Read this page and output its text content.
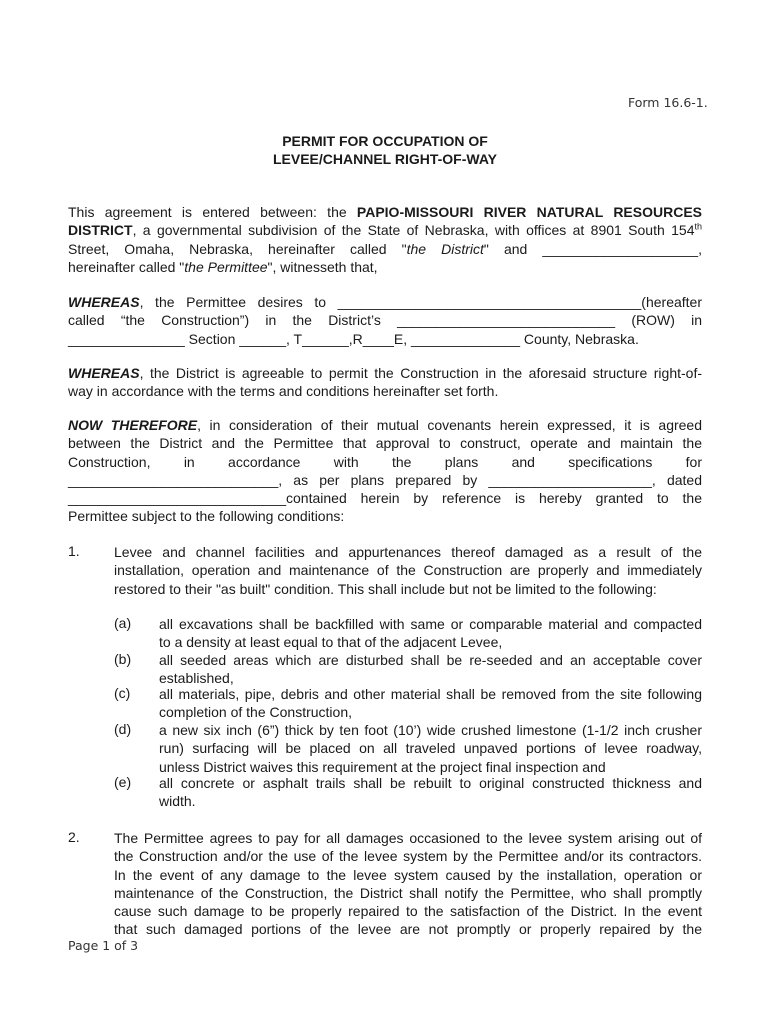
Form 16.6-1.
PERMIT FOR OCCUPATION OF
LEVEE/CHANNEL RIGHT-OF-WAY
This agreement is entered between: the PAPIO-MISSOURI RIVER NATURAL RESOURCES
DISTRICT, a governmental subdivision of the State of Nebraska, with offices at 8901 South 154th
Street, Omaha, Nebraska, hereinafter called "the District" and ____________________,
hereinafter called "the Permittee", witnesseth that,
WHEREAS, the Permittee desires to _______________________________________(hereafter
called “the Construction”) in the District’s ____________________________ (ROW) in
_______________ Section ______, T______,R____E, ______________ County, Nebraska.
WHEREAS, the District is agreeable to permit the Construction in the aforesaid structure right-of-
way in accordance with the terms and conditions hereinafter set forth.
NOW THEREFORE, in consideration of their mutual covenants herein expressed, it is agreed
between the District and the Permittee that approval to construct, operate and maintain the
Construction, in accordance with the plans and specifications for
___________________________, as per plans prepared by _____________________, dated
____________________________contained herein by reference is hereby granted to the
Permittee subject to the following conditions:
1. Levee and channel facilities and appurtenances thereof damaged as a result of the
installation, operation and maintenance of the Construction are properly and immediately
restored to their "as built" condition. This shall include but not be limited to the following:
(a) all excavations shall be backfilled with same or comparable material and compacted
to a density at least equal to that of the adjacent Levee,
(b) all seeded areas which are disturbed shall be re-seeded and an acceptable cover
established,
(c) all materials, pipe, debris and other material shall be removed from the site following
completion of the Construction,
(d) a new six inch (6”) thick by ten foot (10’) wide crushed limestone (1-1/2 inch crusher
run) surfacing will be placed on all traveled unpaved portions of levee roadway,
unless District waives this requirement at the project final inspection and
(e) all concrete or asphalt trails shall be rebuilt to original constructed thickness and
width.
2. The Permittee agrees to pay for all damages occasioned to the levee system arising out of
the Construction and/or the use of the levee system by the Permittee and/or its contractors.
In the event of any damage to the levee system caused by the installation, operation or
maintenance of the Construction, the District shall notify the Permittee, who shall promptly
cause such damage to be properly repaired to the satisfaction of the District. In the event
that such damaged portions of the levee are not promptly or properly repaired by the
Page 1 of 3
